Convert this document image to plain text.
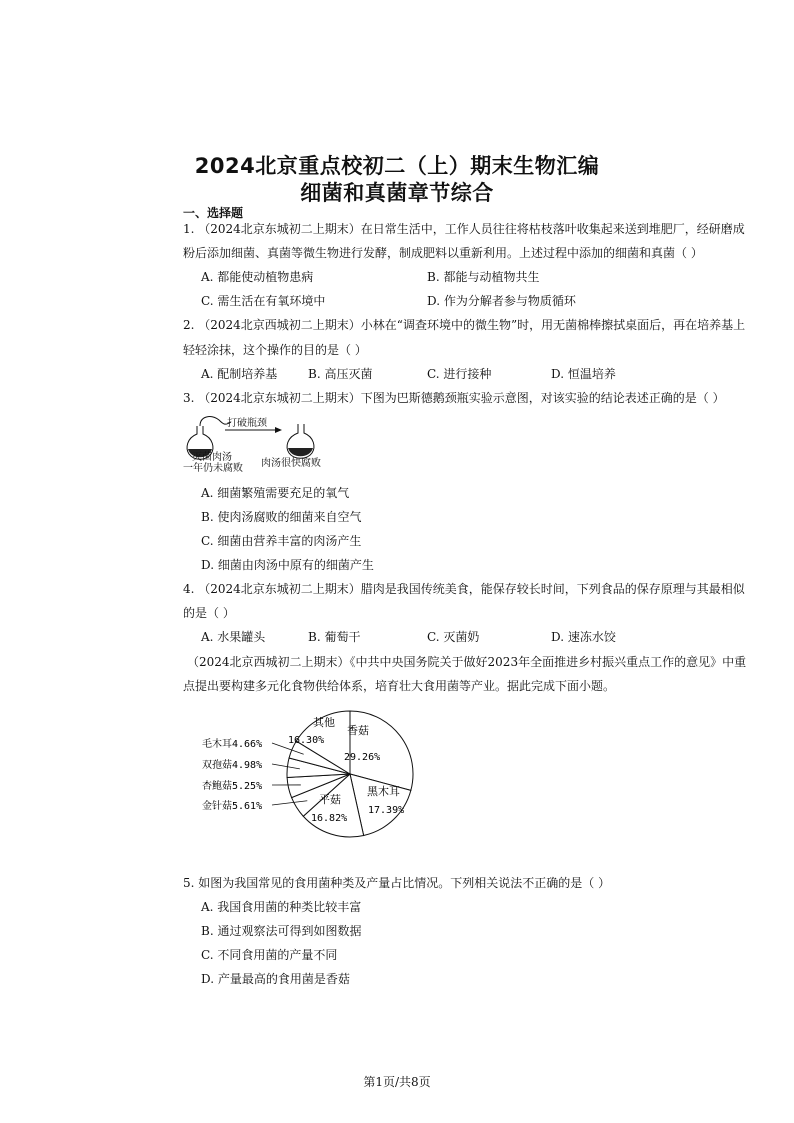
2024北京重点校初二（上）期末生物汇编
细菌和真菌章节综合
一、选择题
1. （2024北京东城初二上期末）在日常生活中，工作人员往往将枯枝落叶收集起来送到堆肥厂，经研磨成
粉后添加细菌、真菌等微生物进行发酵，制成肥料以重新利用。上述过程中添加的细菌和真菌（ ）
A. 都能使动植物患病	B. 都能与动植物共生
C. 需生活在有氧环境中	D. 作为分解者参与物质循环
2. （2024北京西城初二上期末）小林在“调查环境中的微生物”时，用无菌棉棒擦拭桌面后，再在培养基上
轻轻涂抹，这个操作的目的是（ ）
A. 配制培养基	B. 高压灭菌	C. 进行接种	D. 恒温培养
3. （2024北京东城初二上期末）下图为巴斯德鹅颈瓶实验示意图，对该实验的结论表述正确的是（ ）
打破瓶颈
灭菌肉汤
一年仍未腐败 肉汤很快腐败
A. 细菌繁殖需要充足的氧气
B. 使肉汤腐败的细菌来自空气
C. 细菌由营养丰富的肉汤产生
D. 细菌由肉汤中原有的细菌产生
4. （2024北京东城初二上期末）腊肉是我国传统美食，能保存较长时间，下列食品的保存原理与其最相似
的是（ ）
A. 水果罐头	B. 葡萄干	C. 灭菌奶	D. 速冻水饺
（2024北京西城初二上期末）《中共中央国务院关于做好2023年全面推进乡村振兴重点工作的意见》中重
点提出要构建多元化食物供给体系，培育壮大食用菌等产业。据此完成下面小题。
香菇
29.26%
黑木耳
17.39%
平菇
16.82%
金针菇5.61%
杏鲍菇5.25%
双孢菇4.98%
毛木耳4.66%
其他
16.30%
5. 如图为我国常见的食用菌种类及产量占比情况。下列相关说法不正确的是（ ）
A. 我国食用菌的种类比较丰富
B. 通过观察法可得到如图数据
C. 不同食用菌的产量不同
D. 产量最高的食用菌是香菇
第1页/共8页
